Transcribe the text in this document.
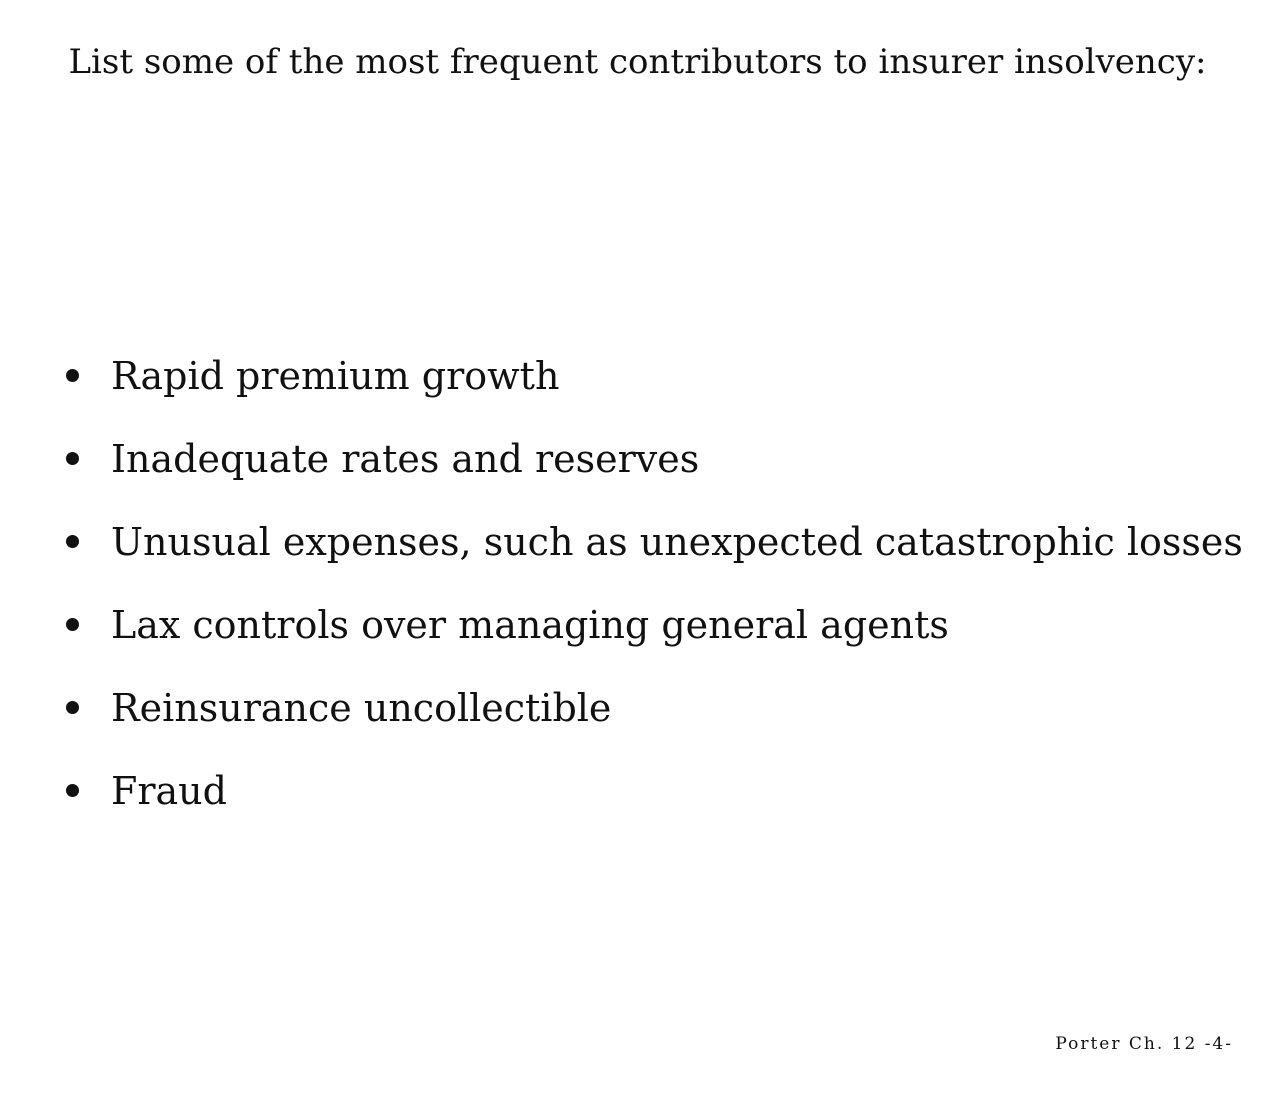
List some of the most frequent contributors to insurer insolvency:
Rapid premium growth
Inadequate rates and reserves
Unusual expenses, such as unexpected catastrophic losses
Lax controls over managing general agents
Reinsurance uncollectible
Fraud
Porter Ch. 12 -4-
